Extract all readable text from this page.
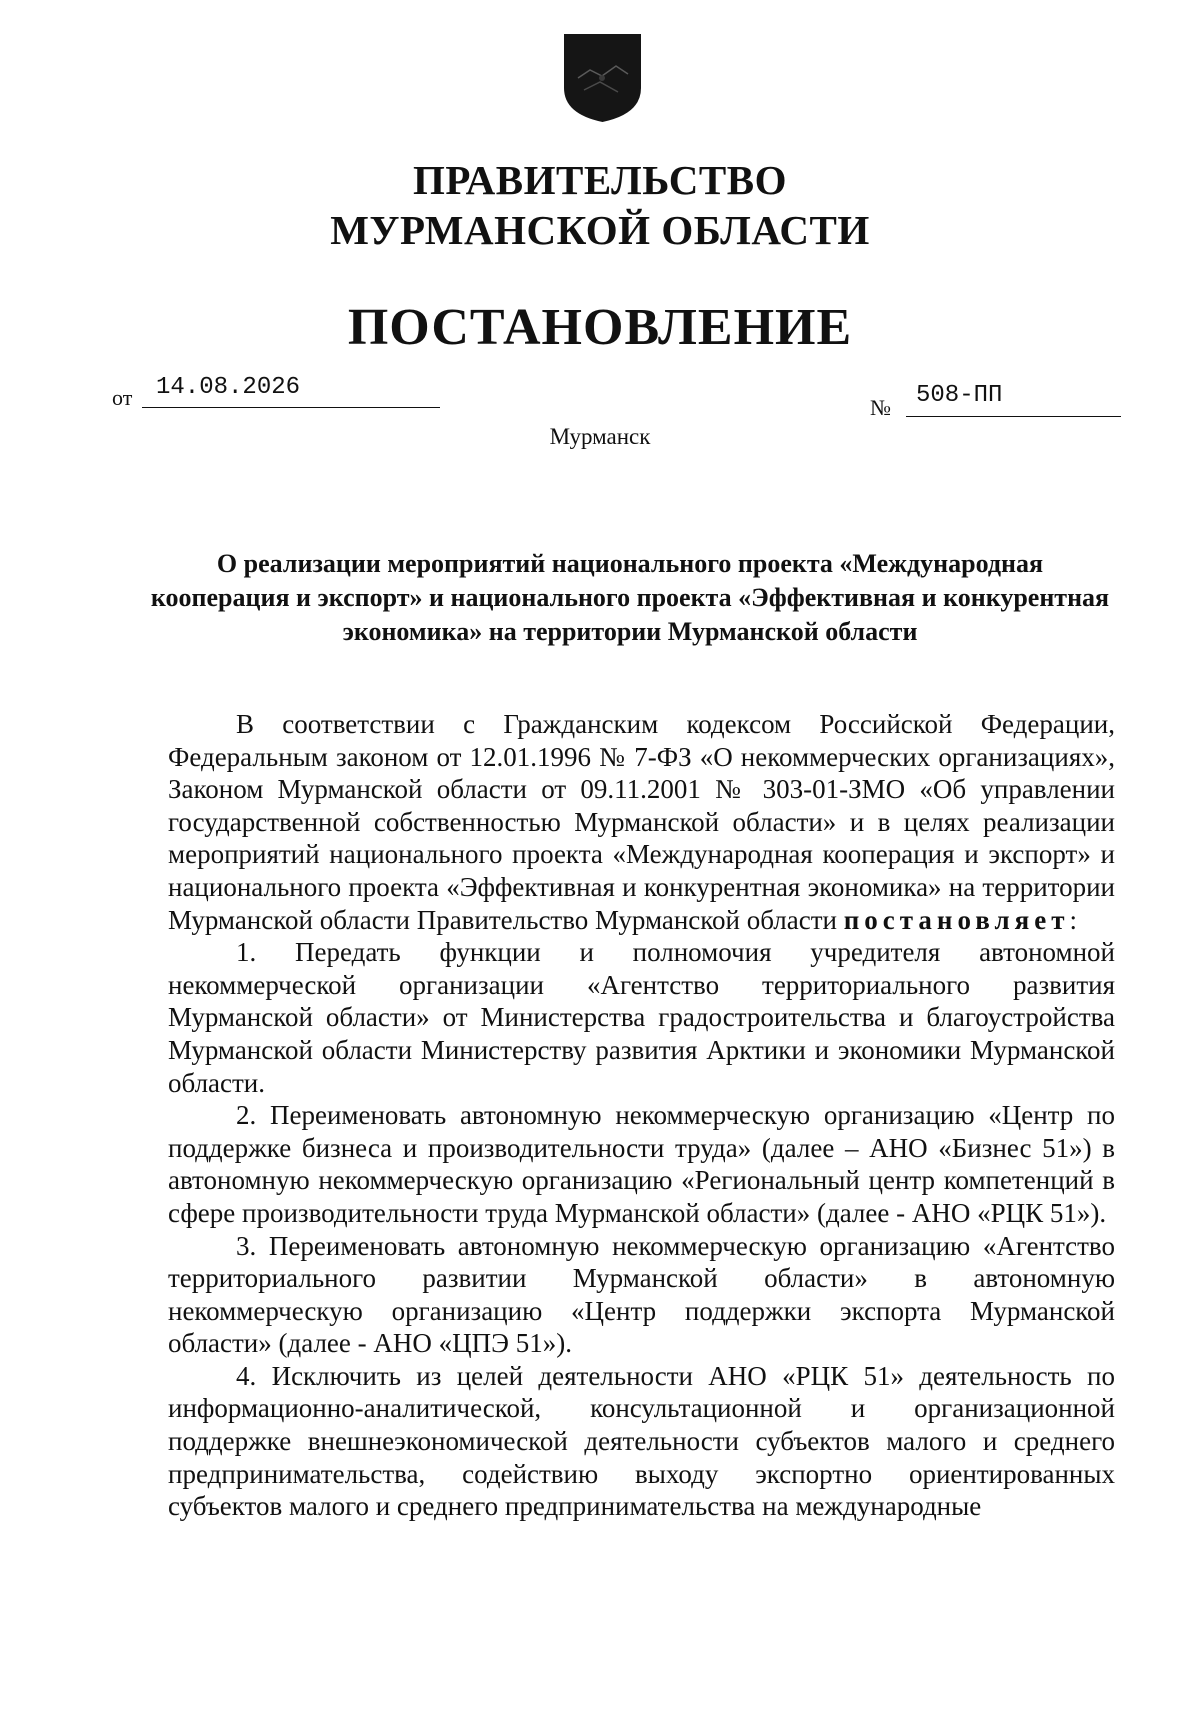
ПРАВИТЕЛЬСТВО
МУРМАНСКОЙ ОБЛАСТИ
ПОСТАНОВЛЕНИЕ
от 14.08.2026
№	508-ПП
Мурманск
О реализации мероприятий национального проекта «Международная кооперация и экспорт» и национального проекта «Эффективная и конкурентная экономика» на территории Мурманской области

В соответствии с Гражданским кодексом Российской Федерации, Федеральным законом от 12.01.1996 № 7-ФЗ «О некоммерческих организациях», Законом Мурманской области от 09.11.2001 № 303-01-ЗМО «Об управлении государственной собственностью Мурманской области» и в целях реализации мероприятий национального проекта «Международная кооперация и экспорт» и национального проекта «Эффективная и конкурентная экономика» на территории Мурманской области Правительство Мурманской области постановляет:

1. Передать функции и полномочия учредителя автономной некоммерческой организации «Агентство территориального развития Мурманской области» от Министерства градостроительства и благоустройства Мурманской области Министерству развития Арктики и экономики Мурманской области.

2. Переименовать автономную некоммерческую организацию «Центр по поддержке бизнеса и производительности труда» (далее – АНО «Бизнес 51») в автономную некоммерческую организацию «Региональный центр компетенций в сфере производительности труда Мурманской области» (далее - АНО «РЦК 51»).

3. Переименовать автономную некоммерческую организацию «Агентство территориального развитии Мурманской области» в автономную некоммерческую организацию «Центр поддержки экспорта Мурманской области» (далее - АНО «ЦПЭ 51»).

4. Исключить из целей деятельности АНО «РЦК 51» деятельность по информационно-аналитической, консультационной и организационной поддержке внешнеэкономической деятельности субъектов малого и среднего предпринимательства, содействию выходу экспортно ориентированных субъектов малого и среднего предпринимательства на международные
